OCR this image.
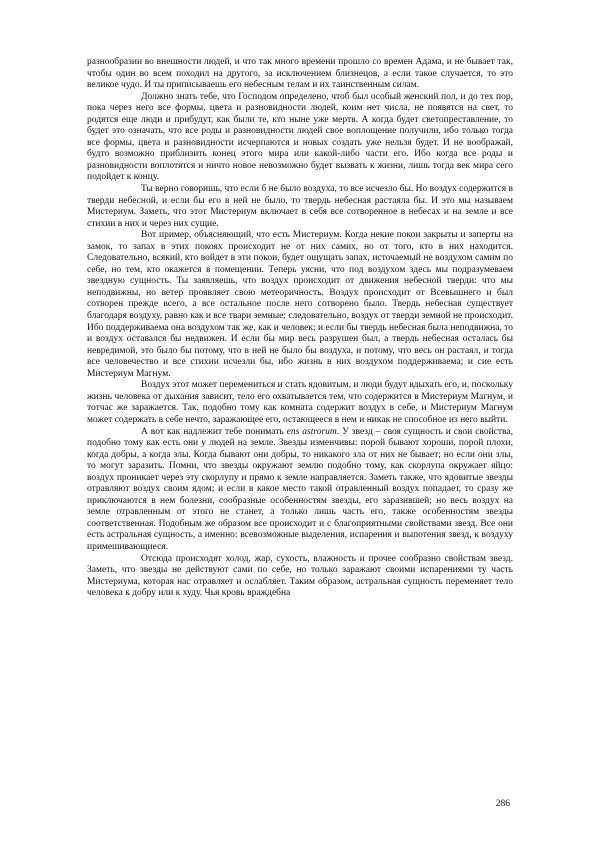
разнообразии во внешности людей, и что так много времени прошло со времен Адама, и не бывает так, чтобы один во всем походил на другого, за исключением близнецов, а если такое случается, то это великое чудо. И ты приписываешь его небесным телам и их таинственным силам.

Должно знать тебе, что Господом определено, чтоб был особый женский пол, и до тех пор, пока через него все формы, цвета и разновидности людей, коим нет числа, не появятся на свет, то родятся еще люди и прибудут, как были те, кто ныне уже мертв. А когда будет светопреставление, то будет это означать, что все роды и разновидности людей свое воплощение получили, ибо только тогда все формы, цвета и разновидности исчерпаются и новых создать уже нельзя будет. И не воображай, будто возможно приблизить конец этого мира или какой-либо части его. Ибо когда все роды и разновидности воплотятся и ничто новое невозможно будет вызвать к жизни, лишь тогда век мира сего подойдет к концу.

Ты верно говоришь, что если б не было воздуха, то все исчезло бы. Но воздух содержится в тверди небесной, и если бы его в ней не было, то твердь небесная растаяла бы. И это мы называем Мистериум. Заметь, что этот Мистериум включает в себя все сотворенное в небесах и на земле и все стихии в них и через них сущие.

Вот пример, объясняющий, что есть Мистериум. Когда некие покои закрыты и заперты на замок, то запах в этих покоях происходит не от них самих, но от того, кто в них находится. Следовательно, всякий, кто войдет в эти покои, будет ощущать запах, источаемый не воздухом самим по себе, но тем, кто окажется в помещении. Теперь уясни, что под воздухом здесь мы подразумеваем звездную сущность. Ты заявляешь, что воздух происходит от движения небесной тверди: что мы неподвижны, но ветер проявляет свою метеоричность. Воздух происходит от Всевышнего и был сотворен прежде всего, а все остальное после него сотворено было. Твердь небесная существует благодаря воздуху, равно как и все твари земные; следовательно, воздух от тверди земной не происходит. Ибо поддерживаема она воздухом так же, как и человек; и если бы твердь небесная была неподвижна, то и воздух оставался бы недвижен. И если бы мир весь разрушен был, а твердь небесная осталась бы невредимой, это было бы потому, что в ней не было бы воздуха, и потому, что весь он растаял, и тогда все человечество и все стихии исчезли бы, ибо жизнь в них воздухом поддерживаема; и сие есть Мистериум Магнум.

Воздух этот может перемениться и стать ядовитым, и люди будут вдыхать его, и, поскольку жизнь человека от дыхания зависит, тело его охватывается тем, что содержится в Мистериум Магнум, и тотчас же заражается. Так, подобно тому как комната содержит воздух в себе, и Мистериум Магнум может содержать в себе нечто, заражающее его, остающееся в нем и никак не способное из него выйти.

А вот как надлежит тебе понимать ens astrorum. У звезд – своя сущность и свои свойства, подобно тому как есть они у людей на земле. Звезды изменчивы: порой бывают хороши, порой плохи, когда добры, а когда злы. Когда бывают они добры, то никакого зла от них не бывает; но если они злы, то могут заразить. Помни, что звезды окружают землю подобно тому, как скорлупа окружает яйцо: воздух проникает через эту скорлупу и прямо к земле направляется. Заметь также, что ядовитые звезды отравляют воздух своим ядом; и если в какое место такой отравленный воздух попадает, то сразу же приключаются в нем болезни, сообразные особенностям звезды, его заразившей; но весь воздух на земле отравленным от этого не станет, а только лишь часть его, также особенностям звезды соответственная. Подобным же образом все происходит и с благоприятными свойствами звезд. Все они есть астральная сущность, а именно: всевозможные выделения, испарения и выпотения звезд, к воздуху примешивающиеся.

Отсюда происходят холод, жар, сухость, влажность и прочее сообразно свойствам звезд. Заметь, что звезды не действуют сами по себе, но только заражают своими испарениями ту часть Мистериума, которая нас отравляет и ослабляет. Таким образом, астральная сущность переменяет тело человека к добру или к худу. Чья кровь враждебна

286
